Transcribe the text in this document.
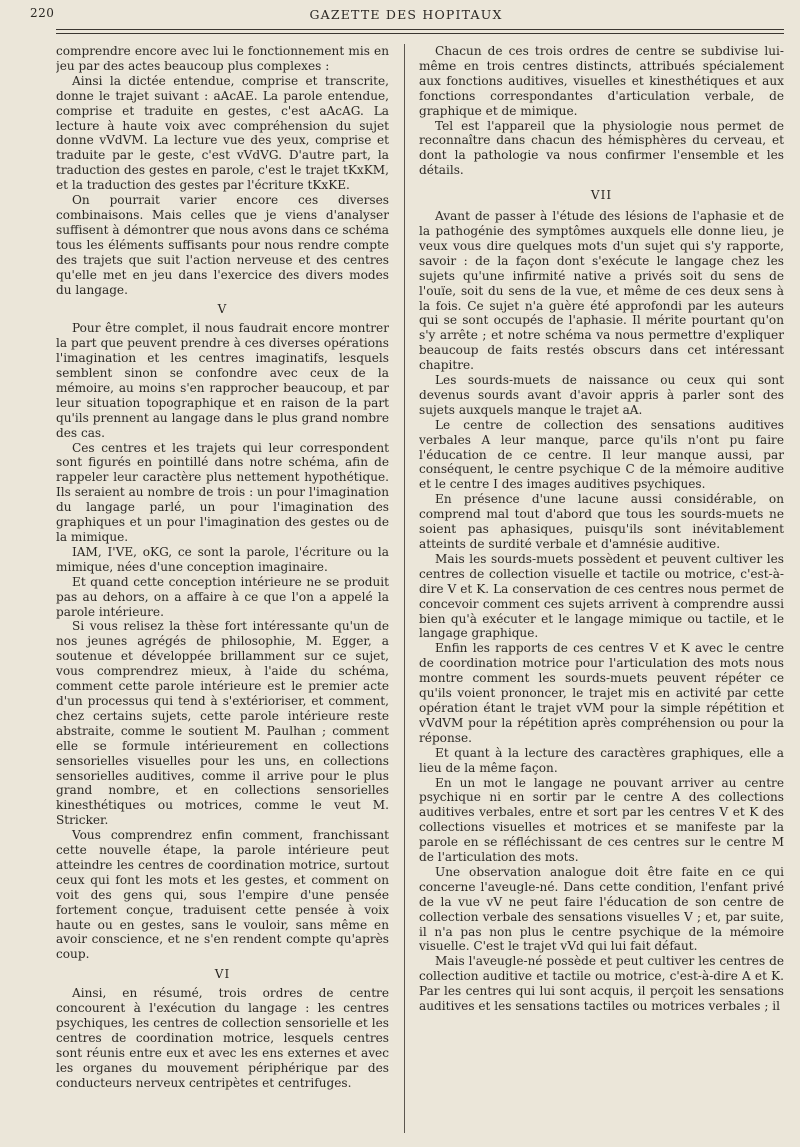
220	GAZETTE DES HOPITAUX

comprendre encore avec lui le fonctionnement mis en jeu par des actes beaucoup plus complexes :

Ainsi la dictée entendue, comprise et transcrite, donne le trajet suivant : aAcAE. La parole entendue, comprise et traduite en gestes, c'est aAcAG. La lecture à haute voix avec compréhension du sujet donne vVdVM. La lecture vue des yeux, comprise et traduite par le geste, c'est vVdVG. D'autre part, la traduction des gestes en parole, c'est le trajet tKxKM, et la traduction des gestes par l'écriture tKxKE.

On pourrait varier encore ces diverses combinaisons. Mais celles que je viens d'analyser suffisent à démontrer que nous avons dans ce schéma tous les éléments suffisants pour nous rendre compte des trajets que suit l'action nerveuse et des centres qu'elle met en jeu dans l'exercice des divers modes du langage.

V

Pour être complet, il nous faudrait encore montrer la part que peuvent prendre à ces diverses opérations l'imagination et les centres imaginatifs, lesquels semblent sinon se confondre avec ceux de la mémoire, au moins s'en rapprocher beaucoup, et par leur situation topographique et en raison de la part qu'ils prennent au langage dans le plus grand nombre des cas.

Ces centres et les trajets qui leur correspondent sont figurés en pointillé dans notre schéma, afin de rappeler leur caractère plus nettement hypothétique. Ils seraient au nombre de trois : un pour l'imagination du langage parlé, un pour l'imagination des graphiques et un pour l'imagination des gestes ou de la mimique.

IAM, I'VE, oKG, ce sont la parole, l'écriture ou la mimique, nées d'une conception imaginaire.

Et quand cette conception intérieure ne se produit pas au dehors, on a affaire à ce que l'on a appelé la parole intérieure.

Si vous relisez la thèse fort intéressante qu'un de nos jeunes agrégés de philosophie, M. Egger, a soutenue et développée brillamment sur ce sujet, vous comprendrez mieux, à l'aide du schéma, comment cette parole intérieure est le premier acte d'un processus qui tend à s'extérioriser, et comment, chez certains sujets, cette parole intérieure reste abstraite, comme le soutient M. Paulhan ; comment elle se formule intérieurement en collections sensorielles visuelles pour les uns, en collections sensorielles auditives, comme il arrive pour le plus grand nombre, et en collections sensorielles kinesthétiques ou motrices, comme le veut M. Stricker.

Vous comprendrez enfin comment, franchissant cette nouvelle étape, la parole intérieure peut atteindre les centres de coordination motrice, surtout ceux qui font les mots et les gestes, et comment on voit des gens qui, sous l'empire d'une pensée fortement conçue, traduisent cette pensée à voix haute ou en gestes, sans le vouloir, sans même en avoir conscience, et ne s'en rendent compte qu'après coup.

VI

Ainsi, en résumé, trois ordres de centre concourent à l'exécution du langage : les centres psychiques, les centres de collection sensorielle et les centres de coordination motrice, lesquels centres sont réunis entre eux et avec les ens externes et avec les organes du mouvement périphérique par des conducteurs nerveux centripètes et centrifuges.

Chacun de ces trois ordres de centre se subdivise lui-même en trois centres distincts, attribués spécialement aux fonctions auditives, visuelles et kinesthétiques et aux fonctions correspondantes d'articulation verbale, de graphique et de mimique.

Tel est l'appareil que la physiologie nous permet de reconnaître dans chacun des hémisphères du cerveau, et dont la pathologie va nous confirmer l'ensemble et les détails.

VII

Avant de passer à l'étude des lésions de l'aphasie et de la pathogénie des symptômes auxquels elle donne lieu, je veux vous dire quelques mots d'un sujet qui s'y rapporte, savoir : de la façon dont s'exécute le langage chez les sujets qu'une infirmité native a privés soit du sens de l'ouïe, soit du sens de la vue, et même de ces deux sens à la fois. Ce sujet n'a guère été approfondi par les auteurs qui se sont occupés de l'aphasie. Il mérite pourtant qu'on s'y arrête ; et notre schéma va nous permettre d'expliquer beaucoup de faits restés obscurs dans cet intéressant chapitre.

Les sourds-muets de naissance ou ceux qui sont devenus sourds avant d'avoir appris à parler sont des sujets auxquels manque le trajet aA.

Le centre de collection des sensations auditives verbales A leur manque, parce qu'ils n'ont pu faire l'éducation de ce centre. Il leur manque aussi, par conséquent, le centre psychique C de la mémoire auditive et le centre I des images auditives psychiques.

En présence d'une lacune aussi considérable, on comprend mal tout d'abord que tous les sourds-muets ne soient pas aphasiques, puisqu'ils sont inévitablement atteints de surdité verbale et d'amnésie auditive.

Mais les sourds-muets possèdent et peuvent cultiver les centres de collection visuelle et tactile ou motrice, c'est-à-dire V et K. La conservation de ces centres nous permet de concevoir comment ces sujets arrivent à comprendre aussi bien qu'à exécuter et le langage mimique ou tactile, et le langage graphique.

Enfin les rapports de ces centres V et K avec le centre de coordination motrice pour l'articulation des mots nous montre comment les sourds-muets peuvent répéter ce qu'ils voient prononcer, le trajet mis en activité par cette opération étant le trajet vVM pour la simple répétition et vVdVM pour la répétition après compréhension ou pour la réponse.

Et quant à la lecture des caractères graphiques, elle a lieu de la même façon.

En un mot le langage ne pouvant arriver au centre psychique ni en sortir par le centre A des collections auditives verbales, entre et sort par les centres V et K des collections visuelles et motrices et se manifeste par la parole en se réfléchissant de ces centres sur le centre M de l'articulation des mots.

Une observation analogue doit être faite en ce qui concerne l'aveugle-né. Dans cette condition, l'enfant privé de la vue vV ne peut faire l'éducation de son centre de collection verbale des sensations visuelles V ; et, par suite, il n'a pas non plus le centre psychique de la mémoire visuelle. C'est le trajet vVd qui lui fait défaut.

Mais l'aveugle-né possède et peut cultiver les centres de collection auditive et tactile ou motrice, c'est-à-dire A et K. Par les centres qui lui sont acquis, il perçoit les sensations auditives et les sensations tactiles ou motrices verbales ; il
